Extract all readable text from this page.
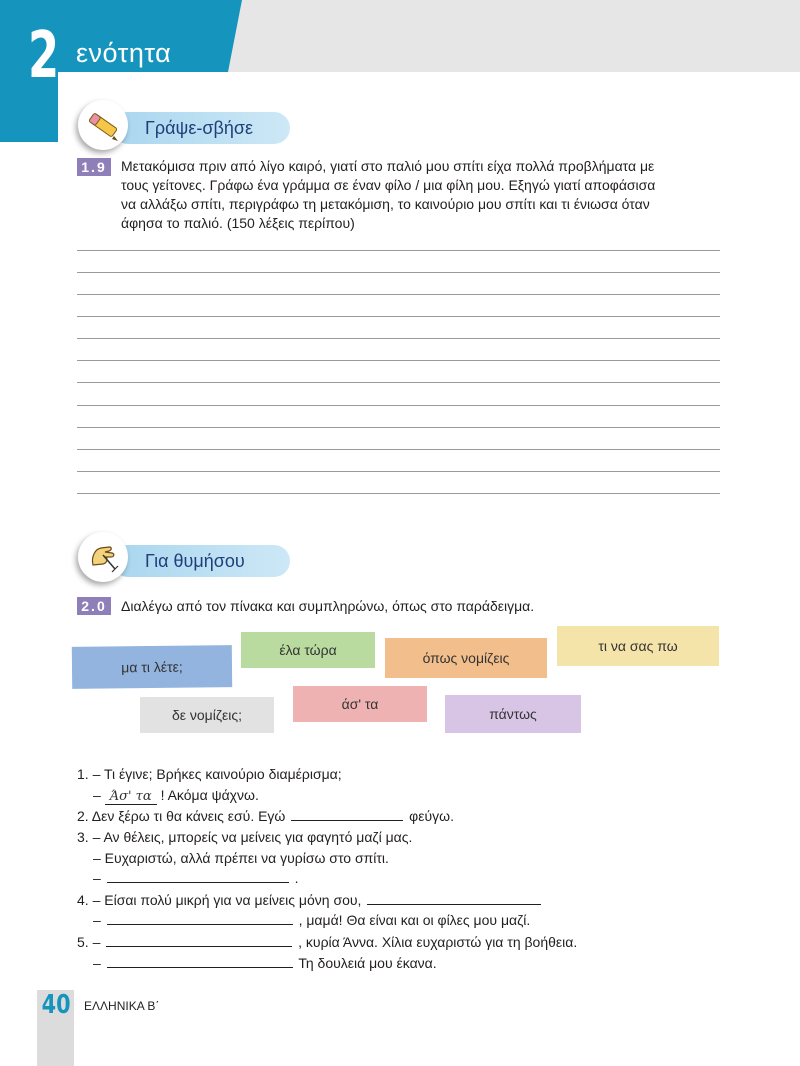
2 ενότητα
Γράψε-σβήσε
1.9	Μετακόμισα πριν από λίγο καιρό, γιατί στο παλιό μου σπίτι είχα πολλά προβλήματα με
τους γείτονες. Γράφω ένα γράμμα σε έναν φίλο / μια φίλη μου. Εξηγώ γιατί αποφάσισα
να αλλάξω σπίτι, περιγράφω τη μετακόμιση, το καινούριο μου σπίτι και τι ένιωσα όταν
άφησα το παλιό. (150 λέξεις περίπου)
Για θυμήσου
2.0	Διαλέγω από τον πίνακα και συμπληρώνω, όπως στο παράδειγμα.
μα τι λέτε;
έλα τώρα	όπως νομίζεις
τι να σας πω
δε νομίζεις;
άσ' τα
πάντως
1. – Τι έγινε; Βρήκες καινούριο διαμέρισμα;
– Άσ' τα ! Ακόμα ψάχνω.
2. Δεν ξέρω τι θα κάνεις εσύ. Εγώ	φεύγω.
3. – Αν θέλεις, μπορείς να μείνεις για φαγητό μαζί μας.
– Ευχαριστώ, αλλά πρέπει να γυρίσω στο σπίτι.
–	.
4. – Είσαι πολύ μικρή για να μείνεις μόνη σου,
–	, μαμά! Θα είναι και οι φίλες μου μαζί.
5. –	, κυρία Άννα. Χίλια ευχαριστώ για τη βοήθεια.
–	Τη δουλειά μου έκανα.
40 ΕΛΛΗΝΙΚΑ Β΄
